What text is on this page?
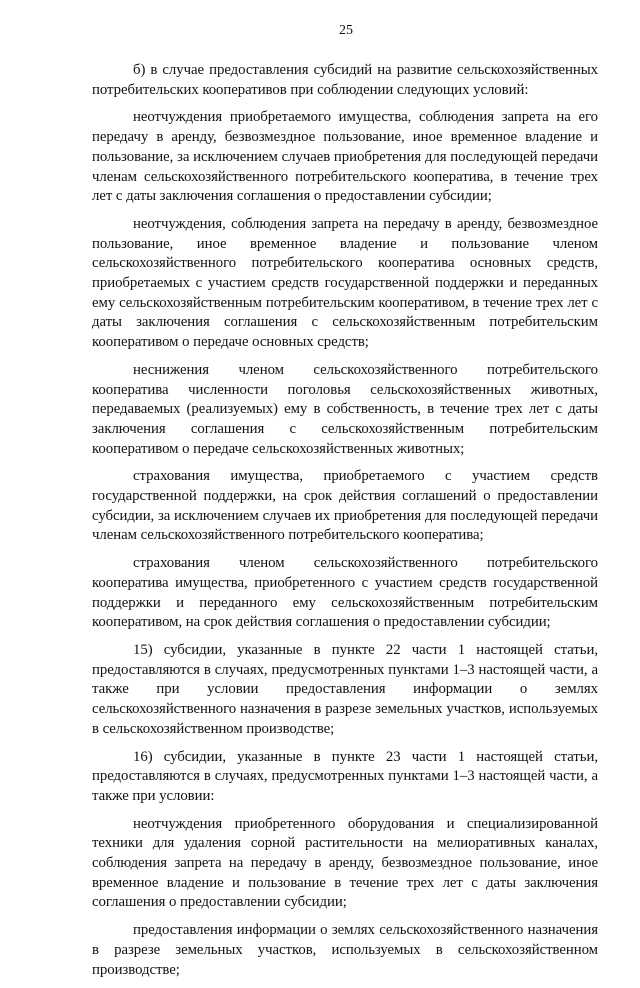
25

б) в случае предоставления субсидий на развитие сельскохозяйственных потребительских кооперативов при соблюдении следующих условий:

неотчуждения приобретаемого имущества, соблюдения запрета на его передачу в аренду, безвозмездное пользование, иное временное владение и пользование, за исключением случаев приобретения для последующей передачи членам сельскохозяйственного потребительского кооператива, в течение трех лет с даты заключения соглашения о предоставлении субсидии;

неотчуждения, соблюдения запрета на передачу в аренду, безвозмездное пользование, иное временное владение и пользование членом сельскохозяйственного потребительского кооператива основных средств, приобретаемых с участием средств государственной поддержки и переданных ему сельскохозяйственным потребительским кооперативом, в течение трех лет с даты заключения соглашения с сельскохозяйственным потребительским кооперативом о передаче основных средств;

неснижения членом сельскохозяйственного потребительского кооператива численности поголовья сельскохозяйственных животных, передаваемых (реализуемых) ему в собственность, в течение трех лет с даты заключения соглашения с сельскохозяйственным потребительским кооперативом о передаче сельскохозяйственных животных;

страхования имущества, приобретаемого с участием средств государственной поддержки, на срок действия соглашений о предоставлении субсидии, за исключением случаев их приобретения для последующей передачи членам сельскохозяйственного потребительского кооператива;

страхования членом сельскохозяйственного потребительского кооператива имущества, приобретенного с участием средств государственной поддержки и переданного ему сельскохозяйственным потребительским кооперативом, на срок действия соглашения о предоставлении субсидии;

15) субсидии, указанные в пункте 22 части 1 настоящей статьи, предоставляются в случаях, предусмотренных пунктами 1–3 настоящей части, а также при условии предоставления информации о землях сельскохозяйственного назначения в разрезе земельных участков, используемых в сельскохозяйственном производстве;

16) субсидии, указанные в пункте 23 части 1 настоящей статьи, предоставляются в случаях, предусмотренных пунктами 1–3 настоящей части, а также при условии:

неотчуждения приобретенного оборудования и специализированной техники для удаления сорной растительности на мелиоративных каналах, соблюдения запрета на передачу в аренду, безвозмездное пользование, иное временное владение и пользование в течение трех лет с даты заключения соглашения о предоставлении субсидии;

предоставления информации о землях сельскохозяйственного назначения в разрезе земельных участков, используемых в сельскохозяйственном производстве;
